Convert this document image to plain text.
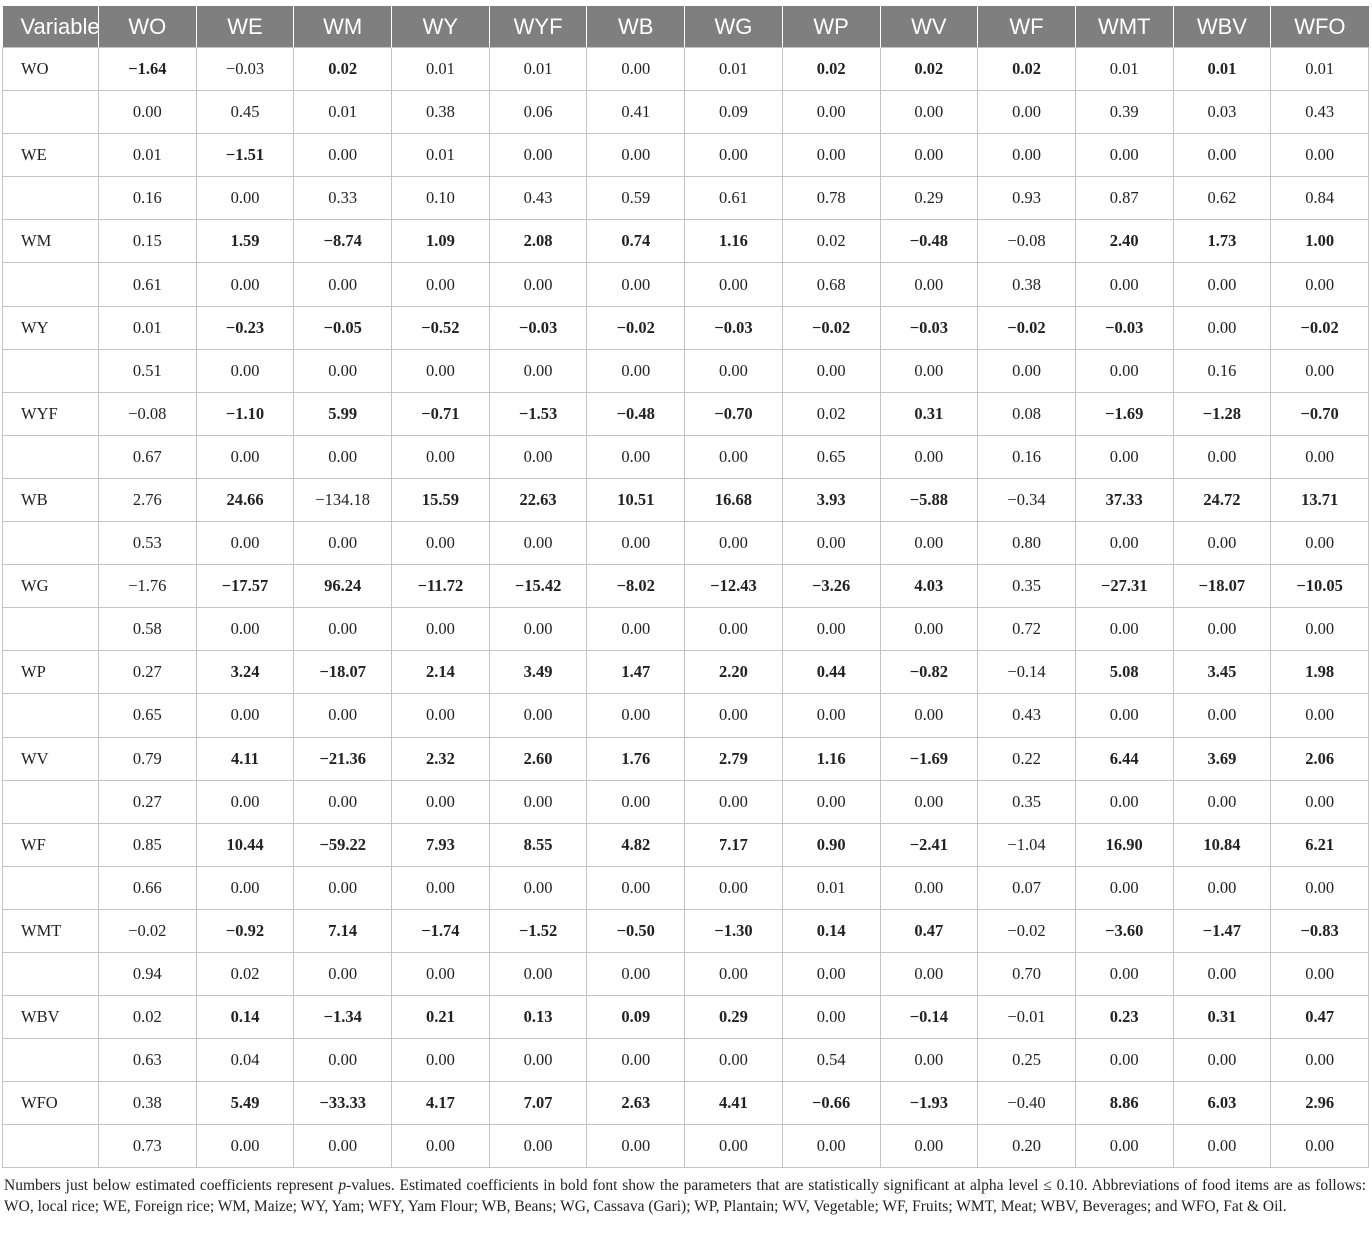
Variable	WO	WE	WM	WY	WYF	WB	WG	WP	WV	WF	WMT	WBV	WFO
WO	−1.64	−0.03	0.02	0.01	0.01	0.00	0.01	0.02	0.02	0.02	0.01	0.01	0.01
	0.00	0.45	0.01	0.38	0.06	0.41	0.09	0.00	0.00	0.00	0.39	0.03	0.43
WE	0.01	−1.51	0.00	0.01	0.00	0.00	0.00	0.00	0.00	0.00	0.00	0.00	0.00
	0.16	0.00	0.33	0.10	0.43	0.59	0.61	0.78	0.29	0.93	0.87	0.62	0.84
WM	0.15	1.59	−8.74	1.09	2.08	0.74	1.16	0.02	−0.48	−0.08	2.40	1.73	1.00
	0.61	0.00	0.00	0.00	0.00	0.00	0.00	0.68	0.00	0.38	0.00	0.00	0.00
WY	0.01	−0.23	−0.05	−0.52	−0.03	−0.02	−0.03	−0.02	−0.03	−0.02	−0.03	0.00	−0.02
	0.51	0.00	0.00	0.00	0.00	0.00	0.00	0.00	0.00	0.00	0.00	0.16	0.00
WYF	−0.08	−1.10	5.99	−0.71	−1.53	−0.48	−0.70	0.02	0.31	0.08	−1.69	−1.28	−0.70
	0.67	0.00	0.00	0.00	0.00	0.00	0.00	0.65	0.00	0.16	0.00	0.00	0.00
WB	2.76	24.66	−134.18	15.59	22.63	10.51	16.68	3.93	−5.88	−0.34	37.33	24.72	13.71
	0.53	0.00	0.00	0.00	0.00	0.00	0.00	0.00	0.00	0.80	0.00	0.00	0.00
WG	−1.76	−17.57	96.24	−11.72	−15.42	−8.02	−12.43	−3.26	4.03	0.35	−27.31	−18.07	−10.05
	0.58	0.00	0.00	0.00	0.00	0.00	0.00	0.00	0.00	0.72	0.00	0.00	0.00
WP	0.27	3.24	−18.07	2.14	3.49	1.47	2.20	0.44	−0.82	−0.14	5.08	3.45	1.98
	0.65	0.00	0.00	0.00	0.00	0.00	0.00	0.00	0.00	0.43	0.00	0.00	0.00
WV	0.79	4.11	−21.36	2.32	2.60	1.76	2.79	1.16	−1.69	0.22	6.44	3.69	2.06
	0.27	0.00	0.00	0.00	0.00	0.00	0.00	0.00	0.00	0.35	0.00	0.00	0.00
WF	0.85	10.44	−59.22	7.93	8.55	4.82	7.17	0.90	−2.41	−1.04	16.90	10.84	6.21
	0.66	0.00	0.00	0.00	0.00	0.00	0.00	0.01	0.00	0.07	0.00	0.00	0.00
WMT	−0.02	−0.92	7.14	−1.74	−1.52	−0.50	−1.30	0.14	0.47	−0.02	−3.60	−1.47	−0.83
	0.94	0.02	0.00	0.00	0.00	0.00	0.00	0.00	0.00	0.70	0.00	0.00	0.00
WBV	0.02	0.14	−1.34	0.21	0.13	0.09	0.29	0.00	−0.14	−0.01	0.23	0.31	0.47
	0.63	0.04	0.00	0.00	0.00	0.00	0.00	0.54	0.00	0.25	0.00	0.00	0.00
WFO	0.38	5.49	−33.33	4.17	7.07	2.63	4.41	−0.66	−1.93	−0.40	8.86	6.03	2.96
	0.73	0.00	0.00	0.00	0.00	0.00	0.00	0.00	0.00	0.20	0.00	0.00	0.00

Numbers just below estimated coefficients represent p-values. Estimated coefficients in bold font show the parameters that are statistically significant at alpha level ≤ 0.10. Abbreviations of food items are as follows: WO, local rice; WE, Foreign rice; WM, Maize; WY, Yam; WFY, Yam Flour; WB, Beans; WG, Cassava (Gari); WP, Plantain; WV, Vegetable; WF, Fruits; WMT, Meat; WBV, Beverages; and WFO, Fat & Oil.
